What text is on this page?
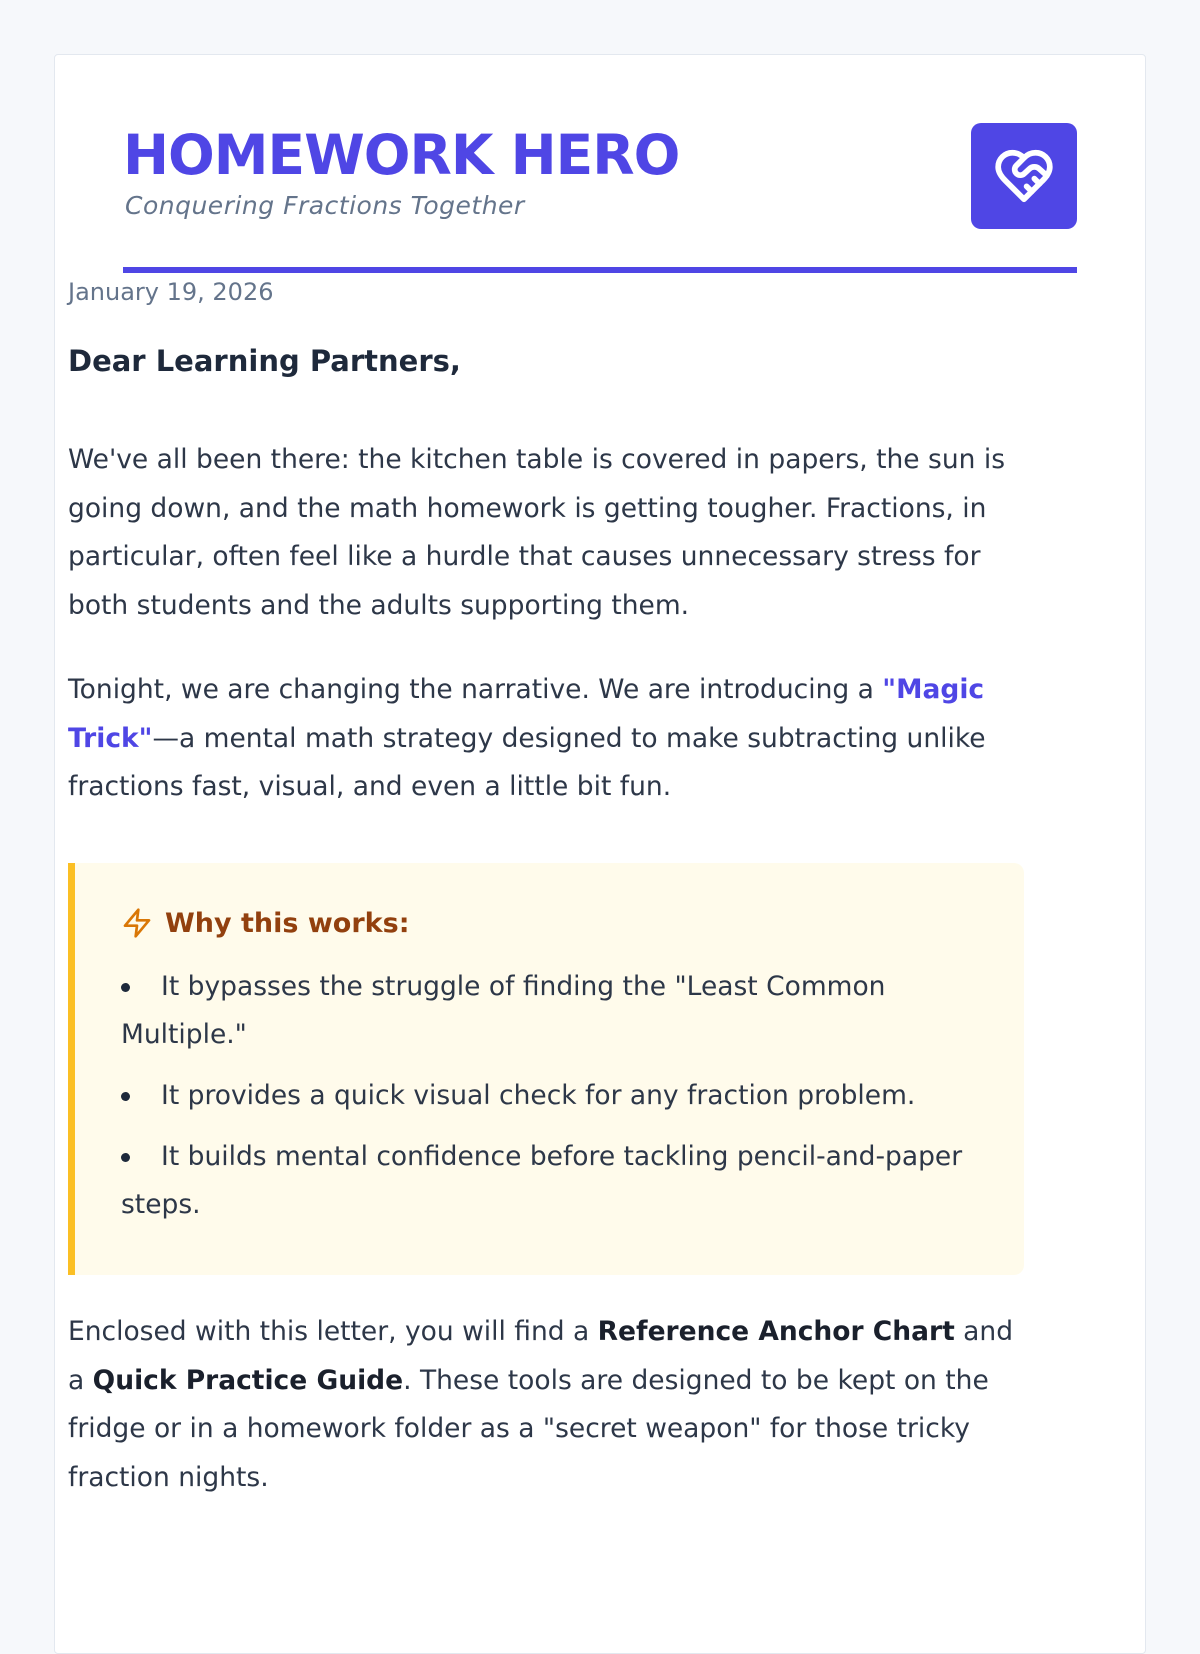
HOMEWORK HERO

Conquering Fractions Together

January 19, 2026

Dear Learning Partners,

We've all been there: the kitchen table is covered in papers, the sun is going down, and the math homework is getting tougher. Fractions, in particular, often feel like a hurdle that causes unnecessary stress for both students and the adults supporting them.

Tonight, we are changing the narrative. We are introducing a "Magic Trick"—a mental math strategy designed to make subtracting unlike fractions fast, visual, and even a little bit fun.

Why this works:

It bypasses the struggle of finding the "Least Common Multiple."
It provides a quick visual check for any fraction problem.
It builds mental confidence before tackling pencil-and-paper steps.

Enclosed with this letter, you will find a Reference Anchor Chart and a Quick Practice Guide. These tools are designed to be kept on the fridge or in a homework folder as a "secret weapon" for those tricky fraction nights.
